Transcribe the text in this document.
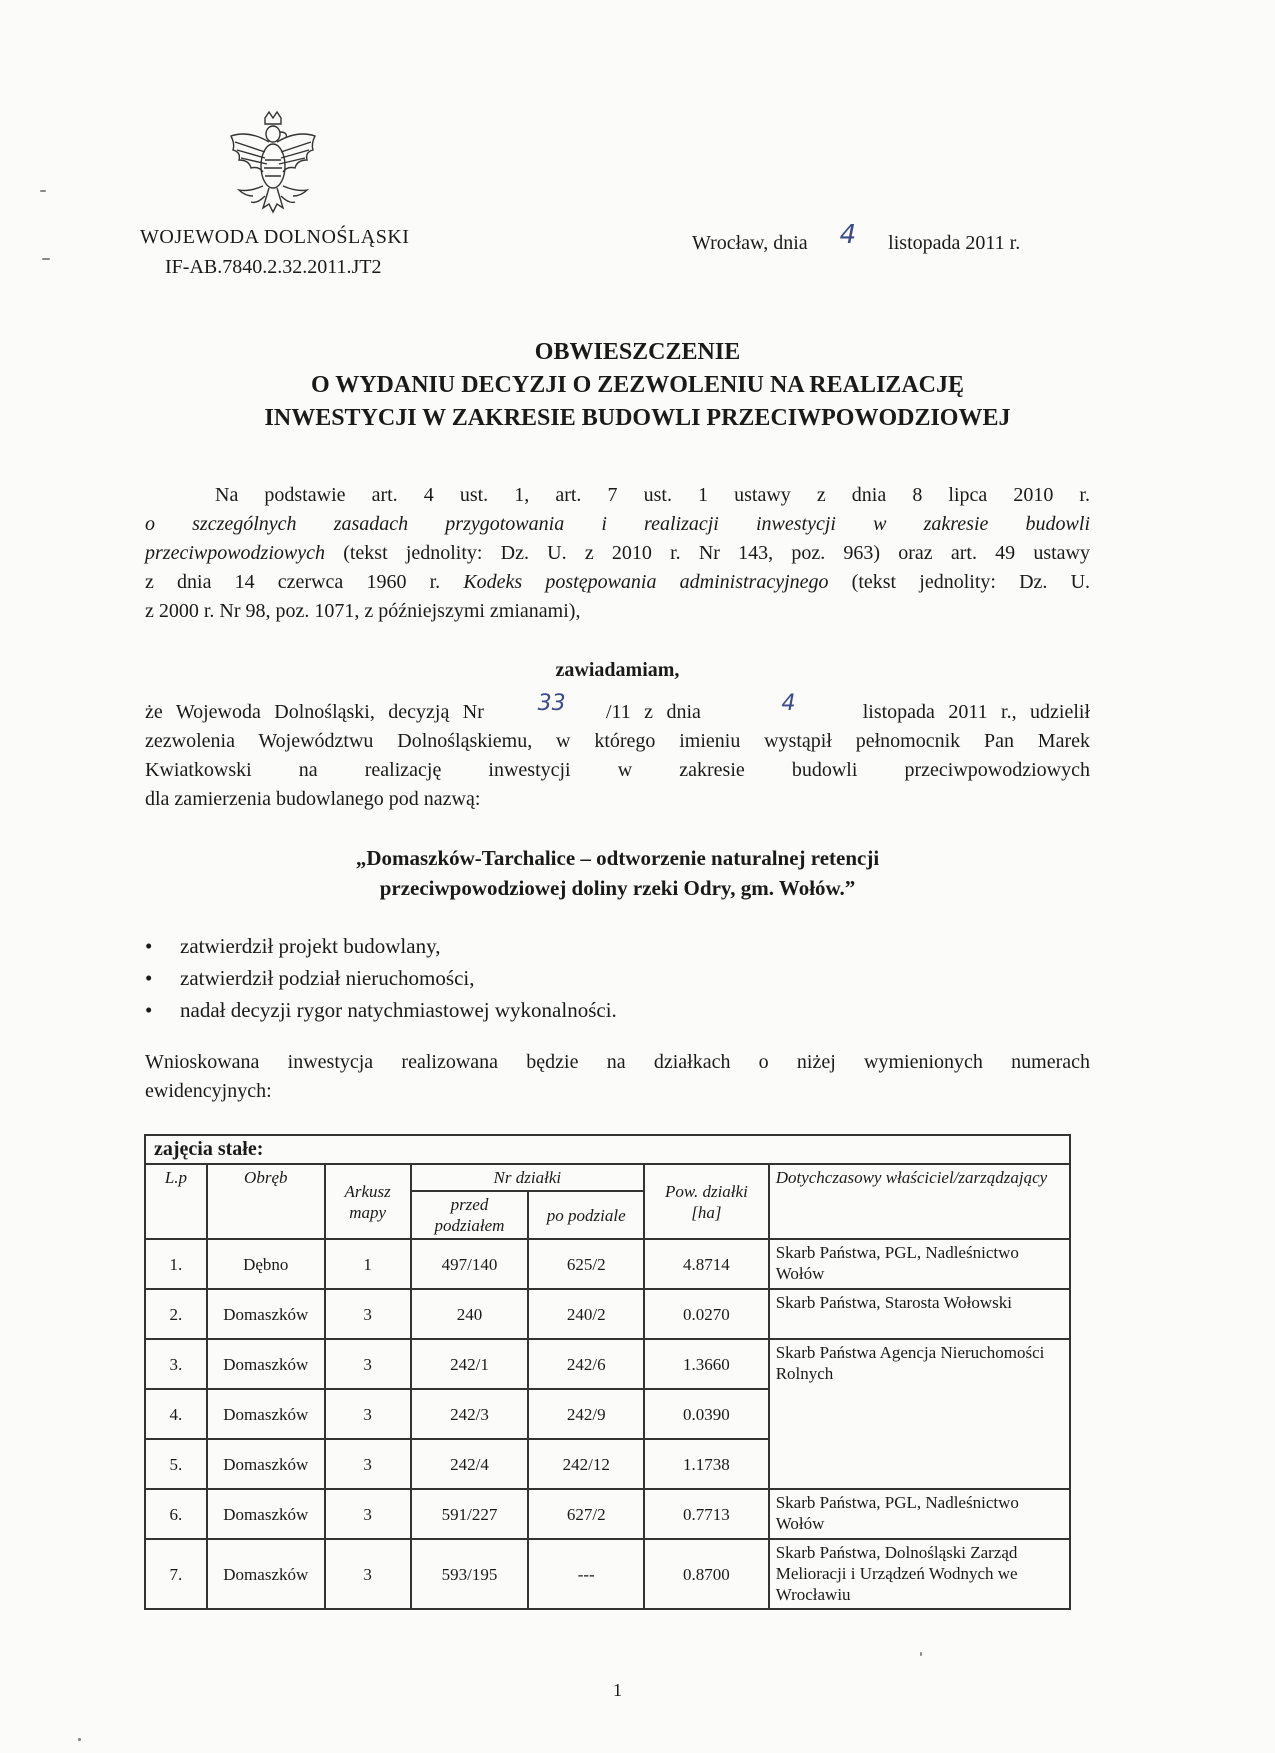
WOJEWODA DOLNOŚLĄSKI
IF-AB.7840.2.32.2011.JT2
Wrocław, dnia 4 listopada 2011 r.
OBWIESZCZENIE
O WYDANIU DECYZJI O ZEZWOLENIU NA REALIZACJĘ
INWESTYCJI W ZAKRESIE BUDOWLI PRZECIWPOWODZIOWEJ
Na podstawie art. 4 ust. 1, art. 7 ust. 1 ustawy z dnia 8 lipca 2010 r.
o szczególnych zasadach przygotowania i realizacji inwestycji w zakresie budowli
przeciwpowodziowych (tekst jednolity: Dz. U. z 2010 r. Nr 143, poz. 963) oraz art. 49 ustawy
z dnia 14 czerwca 1960 r. Kodeks postępowania administracyjnego (tekst jednolity: Dz. U.
z 2000 r. Nr 98, poz. 1071, z późniejszymi zmianami),
zawiadamiam,
że Wojewoda Dolnośląski, decyzją Nr 33 /11 z dnia	4	listopada 2011 r., udzielił
zezwolenia Województwu Dolnośląskiemu, w którego imieniu wystąpił pełnomocnik Pan Marek
Kwiatkowski na realizację inwestycji w zakresie budowli przeciwpowodziowych
dla zamierzenia budowlanego pod nazwą:
„Domaszków-Tarchalice – odtworzenie naturalnej retencji
przeciwpowodziowej doliny rzeki Odry, gm. Wołów.”
• zatwierdził projekt budowlany,
• zatwierdził podział nieruchomości,
• nadał decyzji rygor natychmiastowej wykonalności.
Wnioskowana inwestycja realizowana będzie na działkach o niżej wymienionych numerach
ewidencyjnych:
zajęcia stałe:						
L.p	Obręb	Arkusz mapy	Nr działki		Pow. działki [ha]	Dotychczasowy właściciel/zarządzający
			przed podziałem	po podziale		
1.	Dębno	1	497/140	625/2	4.8714	Skarb Państwa, PGL, Nadleśnictwo Wołów
2.	Domaszków	3	240	240/2	0.0270	Skarb Państwa, Starosta Wołowski
3.	Domaszków	3	242/1	242/6	1.3660	Skarb Państwa Agencja Nieruchomości Rolnych
4.	Domaszków	3	242/3	242/9	0.0390	
5.	Domaszków	3	242/4	242/12	1.1738	
6.	Domaszków	3	591/227	627/2	0.7713	Skarb Państwa, PGL, Nadleśnictwo Wołów
7.	Domaszków	3	593/195	---	0.8700	Skarb Państwa, Dolnośląski Zarząd Melioracji i Urządzeń Wodnych we Wrocławiu
1
